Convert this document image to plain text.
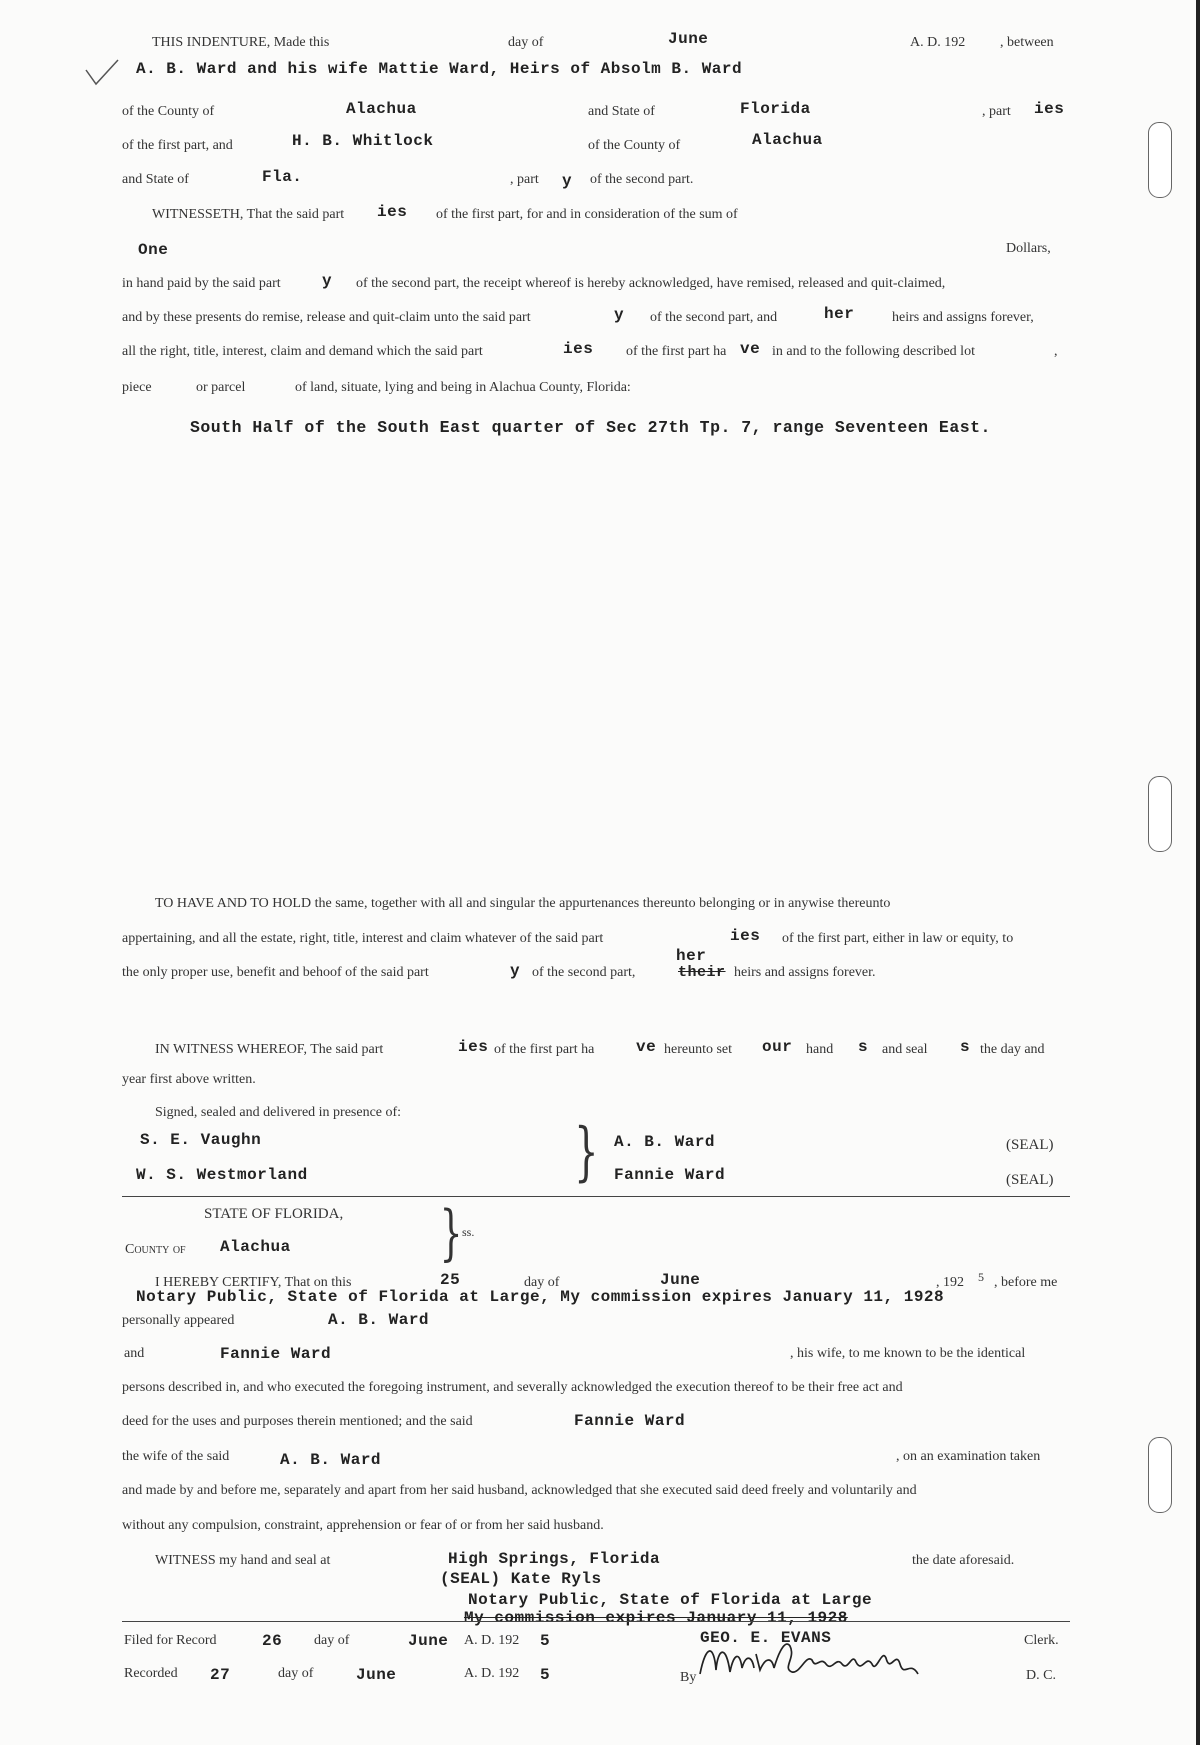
THIS INDENTURE, Made this	day of	June	A. D. 192 , between
A. B. Ward and his wife Mattie Ward, Heirs of Absolm B. Ward
of the County of	Alachua	and State of	Florida	, part ies
of the first part, and	H. B. Whitlock	of the County of	Alachua
and State of	Fla.	, part y of the second part.
WITNESSETH, That the said part ies of the first part, for and in consideration of the sum of
One	Dollars,
in hand paid by the said part	y of the second part, the receipt whereof is hereby acknowledged, have remised, released and quit-claimed,
and by these presents do remise, release and quit-claim unto the said part	y of the second part, and	her	heirs and assigns forever,
all the right, title, interest, claim and demand which the said part	ies of the first part ha ve in and to the following described lot	,
piece	or parcel	of land, situate, lying and being in Alachua County, Florida:
South Half of the South East quarter of Sec 27th Tp. 7, range Seventeen East.
TO HAVE AND TO HOLD the same, together with all and singular the appurtenances thereunto belonging or in anywise thereunto
appertaining, and all the estate, right, title, interest and claim whatever of the said part	ies of the first part, either in law or equity, to
her
the only proper use, benefit and behoof of the said part	y of the second part,	their heirs and assigns forever.
IN WITNESS WHEREOF, The said part	ies of the first part ha	ve hereunto set our hand s and seal s the day and
year first above written.
Signed, sealed and delivered in presence of:
S. E. Vaughn
W. S. Westmorland	} A. B. Ward
Fannie Ward
(SEAL)
(SEAL)
STATE OF FLORIDA,
County of Alachua } ss.
I HEREBY CERTIFY, That on this	25	day of	June	, 192 5 , before me
Notary Public, State of Florida at Large, My commission expires January 11, 1928
personally appeared	A. B. Ward
and	Fannie Ward	, his wife, to me known to be the identical
persons described in, and who executed the foregoing instrument, and severally acknowledged the execution thereof to be their free act and
deed for the uses and purposes therein mentioned; and the said	Fannie Ward
the wife of the said	A. B. Ward	, on an examination taken
and made by and before me, separately and apart from her said husband, acknowledged that she executed said deed freely and voluntarily and
without any compulsion, constraint, apprehension or fear of or from her said husband.
WITNESS my hand and seal at	High Springs, Florida	the date aforesaid.
(SEAL) Kate Ryls
Notary Public, State of Florida at Large
My commission expires January 11, 1928
Filed for Record	26 day of	June A. D. 192 5	GEO. E. EVANS	Clerk.
Recorded 27	day of	June	A. D. 192 5	By	D. C.
